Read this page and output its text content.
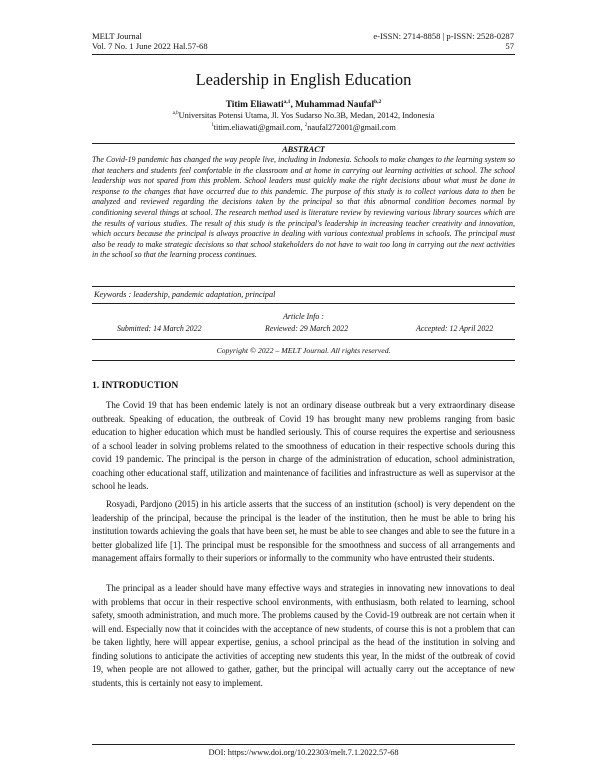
MELT Journal
Vol. 7 No. 1 June 2022 Hal.57-68
e-ISSN: 2714-8858 | p-ISSN: 2528-0287
57
Leadership in English Education
Titim Eliawati$^{a,1}$, Muhammad Naufal$^{b,2}$
$^{a,b}$Universitas Potensi Utama, Jl. Yos Sudarso No.3B, Medan, 20142, Indonesia
$^1$titim.eliawati@gmail.com, $^2$naufal272001@gmail.com
ABSTRACT
The Covid-19 pandemic has changed the way people live, including in Indonesia. Schools to make changes to the learning system so that teachers and students feel comfortable in the classroom and at home in carrying out learning activities at school. The school leadership was not spared from this problem. School leaders must quickly make the right decisions about what must be done in response to the changes that have occurred due to this pandemic. The purpose of this study is to collect various data to then be analyzed and reviewed regarding the decisions taken by the principal so that this abnormal condition becomes normal by conditioning several things at school. The research method used is literature review by reviewing various library sources which are the results of various studies. The result of this study is the principal's leadership in increasing teacher creativity and innovation, which occurs because the principal is always proactive in dealing with various contextual problems in schools. The principal must also be ready to make strategic decisions so that school stakeholders do not have to wait too long in carrying out the next activities in the school so that the learning process continues.
Keywords : leadership, pandemic adaptation, principal
Article Info :
Submitted: 14 March 2022	Reviewed: 29 March 2022	Accepted: 12 April 2022
Copyright © 2022 – MELT Journal. All rights reserved.
1. INTRODUCTION

The Covid 19 that has been endemic lately is not an ordinary disease outbreak but a very extraordinary disease outbreak. Speaking of education, the outbreak of Covid 19 has brought many new problems ranging from basic education to higher education which must be handled seriously. This of course requires the expertise and seriousness of a school leader in solving problems related to the smoothness of education in their respective schools during this covid 19 pandemic. The principal is the person in charge of the administration of education, school administration, coaching other educational staff, utilization and maintenance of facilities and infrastructure as well as supervisor at the school he leads.

Rosyadi, Pardjono (2015) in his article asserts that the success of an institution (school) is very dependent on the leadership of the principal, because the principal is the leader of the institution, then he must be able to bring his institution towards achieving the goals that have been set, he must be able to see changes and able to see the future in a better globalized life [1]. The principal must be responsible for the smoothness and success of all arrangements and management affairs formally to their superiors or informally to the community who have entrusted their students.

The principal as a leader should have many effective ways and strategies in innovating new innovations to deal with problems that occur in their respective school environments, with enthusiasm, both related to learning, school safety, smooth administration, and much more. The problems caused by the Covid-19 outbreak are not certain when it will end. Especially now that it coincides with the acceptance of new students, of course this is not a problem that can be taken lightly, here will appear expertise, genius, a school principal as the head of the institution in solving and finding solutions to anticipate the activities of accepting new students this year, In the midst of the outbreak of covid 19, when people are not allowed to gather, gather, but the principal will actually carry out the acceptance of new students, this is certainly not easy to implement.

DOI: https://www.doi.org/10.22303/melt.7.1.2022.57-68
